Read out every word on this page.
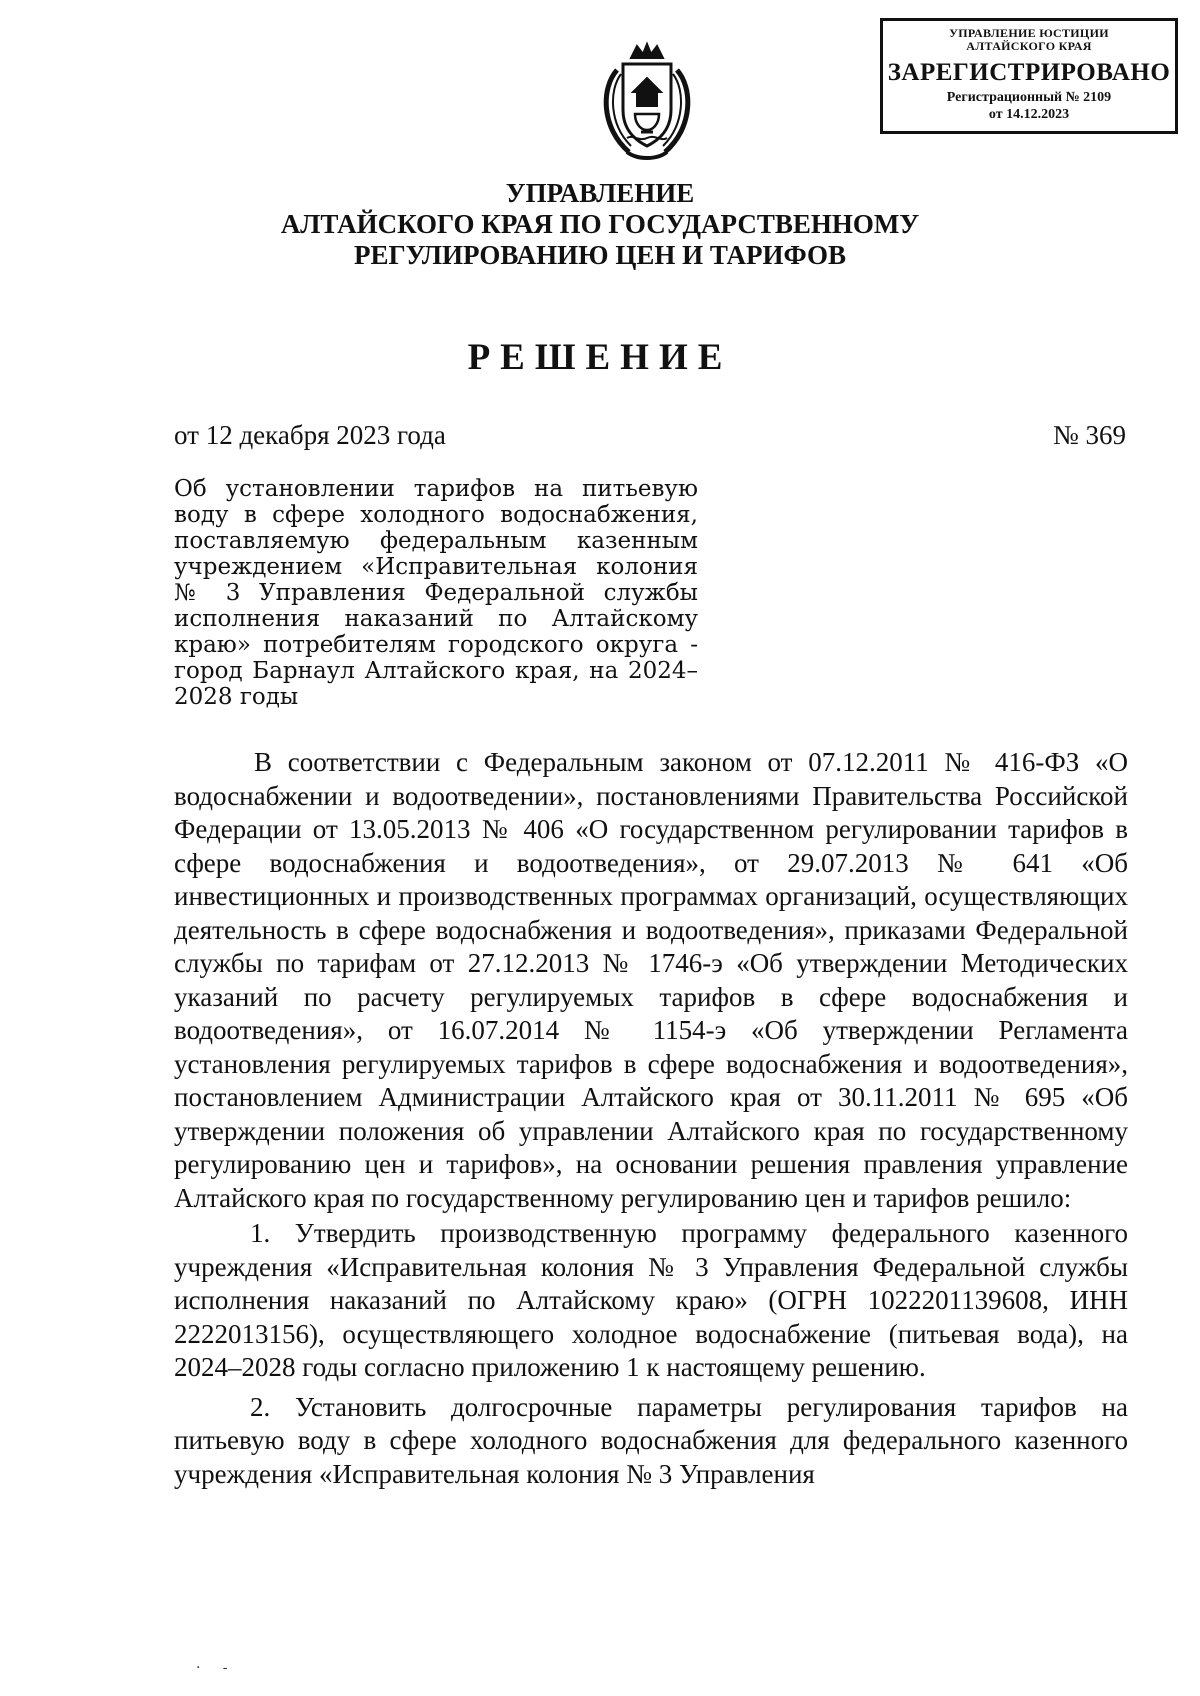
УПРАВЛЕНИЕ ЮСТИЦИИ
АЛТАЙСКОГО КРАЯ
ЗАРЕГИСТРИРОВАНО
Регистрационный № 2109
от 14.12.2023
УПРАВЛЕНИЕ
АЛТАЙСКОГО КРАЯ ПО ГОСУДАРСТВЕННОМУ
РЕГУЛИРОВАНИЮ ЦЕН И ТАРИФОВ
РЕШЕНИЕ
от 12 декабря 2023 года	№ 369
Об установлении тарифов на питьевую воду в сфере холодного водоснабжения, поставляемую федеральным казенным учреждением «Исправительная колония № 3 Управления Федеральной службы исполнения наказаний по Алтайскому краю» потребителям городского округа - город Барнаул Алтайского края, на 2024–2028 годы

В соответствии с Федеральным законом от 07.12.2011 № 416-ФЗ «О водоснабжении и водоотведении», постановлениями Правительства Российской Федерации от 13.05.2013 № 406 «О государственном регулировании тарифов в сфере водоснабжения и водоотведения», от 29.07.2013 № 641 «Об инвестиционных и производственных программах организаций, осуществляющих деятельность в сфере водоснабжения и водоотведения», приказами Федеральной службы по тарифам от 27.12.2013 № 1746-э «Об утверждении Методических указаний по расчету регулируемых тарифов в сфере водоснабжения и водоотведения», от 16.07.2014 № 1154-э «Об утверждении Регламента установления регулируемых тарифов в сфере водоснабжения и водоотведения», постановлением Администрации Алтайского края от 30.11.2011 № 695 «Об утверждении положения об управлении Алтайского края по государственному регулированию цен и тарифов», на основании решения правления управление Алтайского края по государственному регулированию цен и тарифов решило:

1. Утвердить производственную программу федерального казенного учреждения «Исправительная колония № 3 Управления Федеральной службы исполнения наказаний по Алтайскому краю» (ОГРН 1022201139608, ИНН 2222013156), осуществляющего холодное водоснабжение (питьевая вода), на 2024–2028 годы согласно приложению 1 к настоящему решению.

2. Установить долгосрочные параметры регулирования тарифов на питьевую воду в сфере холодного водоснабжения для федерального казенного учреждения «Исправительная колония № 3 Управления

·     -
